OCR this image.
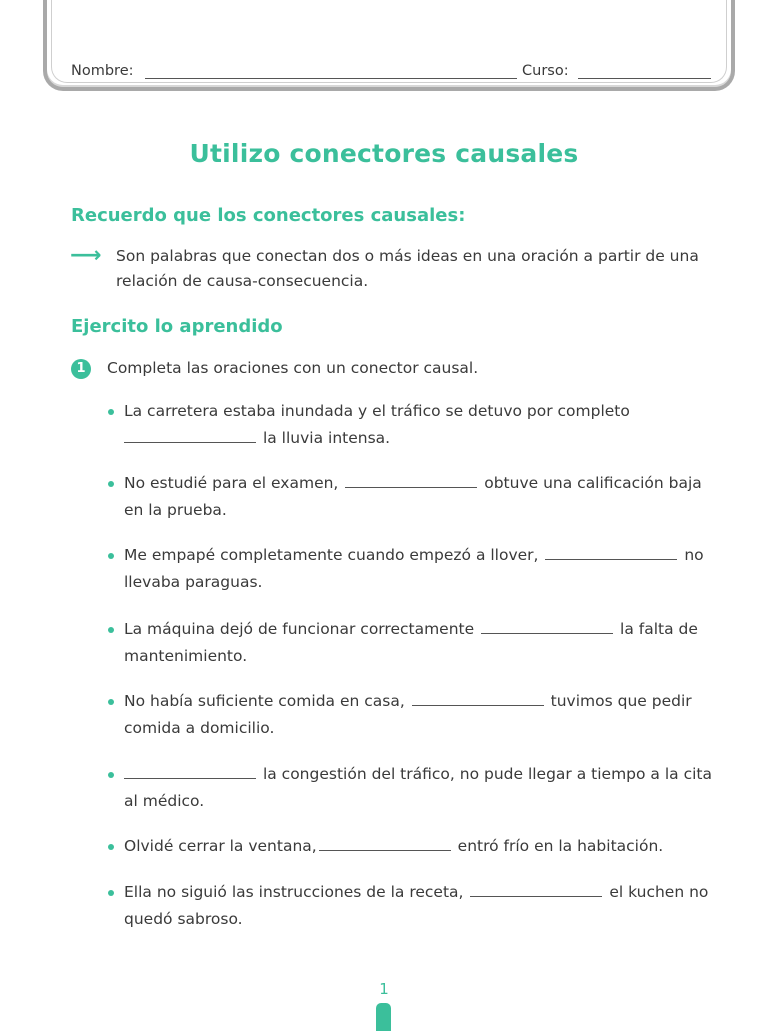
Nombre:	Curso:
Utilizo conectores causales
Recuerdo que los conectores causales:
⟶ Son palabras que conectan dos o más ideas en una oración a partir de una relación de causa-consecuencia.
Ejercito lo aprendido
1	Completa las oraciones con un conector causal.
La carretera estaba inundada y el tráfico se detuvo por completo
la lluvia intensa.
No estudié para el examen,	obtuve una calificación baja en la prueba.
Me empapé completamente cuando empezó a llover,	no llevaba paraguas.
La máquina dejó de funcionar correctamente	la falta de mantenimiento.
No había suficiente comida en casa,	tuvimos que pedir comida a domicilio.
la congestión del tráfico, no pude llegar a tiempo a la cita al médico.
Olvidé cerrar la ventana,	entró frío en la habitación.
Ella no siguió las instrucciones de la receta,	el kuchen no quedó sabroso.
1
